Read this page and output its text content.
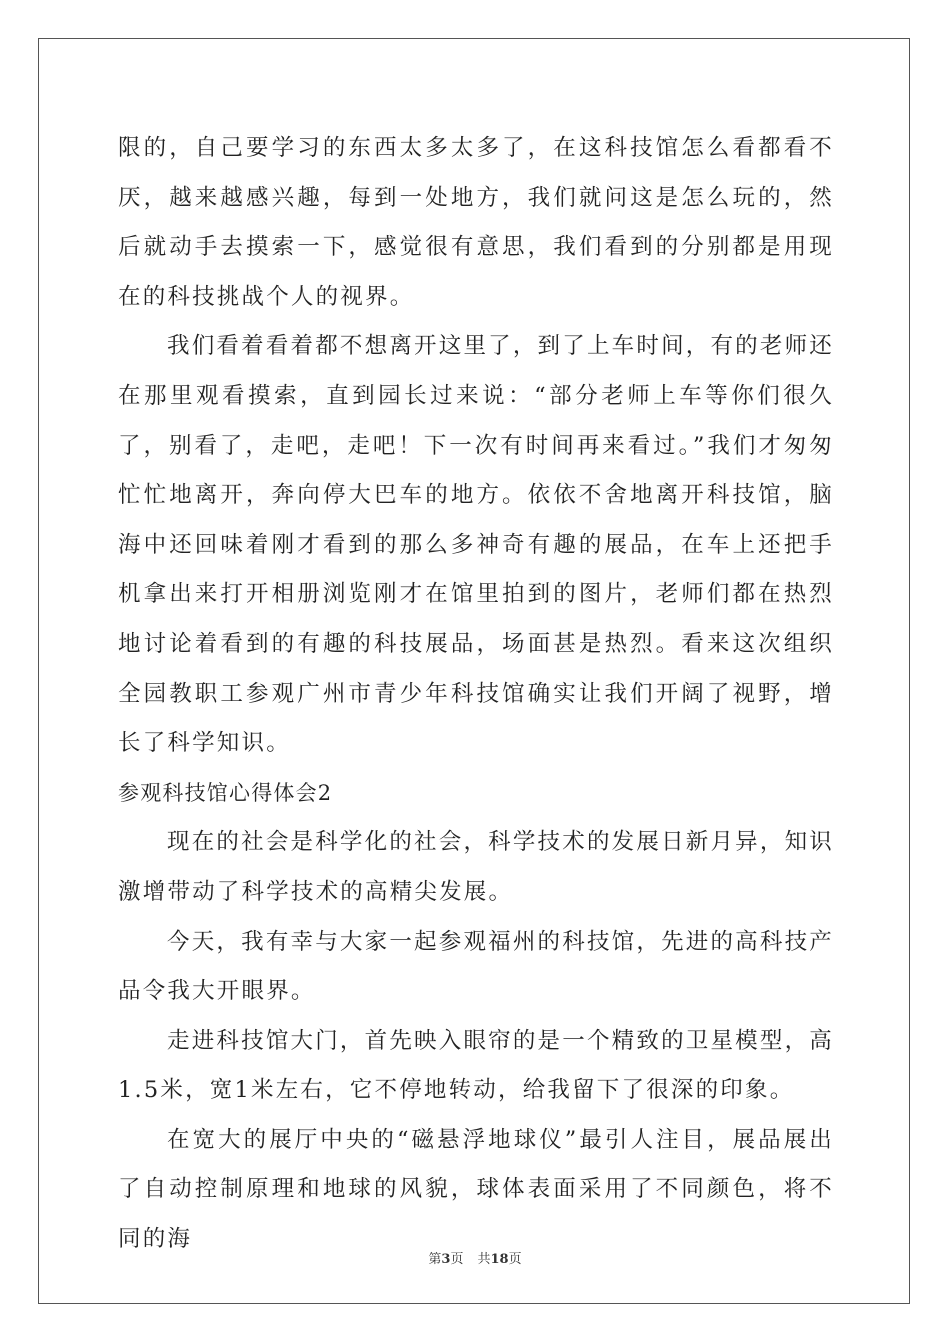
限的，自己要学习的东西太多太多了，在这科技馆怎么看都看不厌，越来越感兴趣，每到一处地方，我们就问这是怎么玩的，然后就动手去摸索一下，感觉很有意思，我们看到的分别都是用现在的科技挑战个人的视界。

我们看着看着都不想离开这里了，到了上车时间，有的老师还在那里观看摸索，直到园长过来说：“部分老师上车等你们很久了，别看了，走吧，走吧！下一次有时间再来看过。”我们才匆匆忙忙地离开，奔向停大巴车的地方。依依不舍地离开科技馆，脑海中还回味着刚才看到的那么多神奇有趣的展品，在车上还把手机拿出来打开相册浏览刚才在馆里拍到的图片，老师们都在热烈地讨论着看到的有趣的科技展品，场面甚是热烈。看来这次组织全园教职工参观广州市青少年科技馆确实让我们开阔了视野，增长了科学知识。

参观科技馆心得体会2

现在的社会是科学化的社会，科学技术的发展日新月异，知识激增带动了科学技术的高精尖发展。

今天，我有幸与大家一起参观福州的科技馆，先进的高科技产品令我大开眼界。

走进科技馆大门，首先映入眼帘的是一个精致的卫星模型，高1.5米，宽1米左右，它不停地转动，给我留下了很深的印象。

在宽大的展厅中央的“磁悬浮地球仪”最引人注目，展品展出了自动控制原理和地球的风貌，球体表面采用了不同颜色，将不同的海

第3页 共18页
